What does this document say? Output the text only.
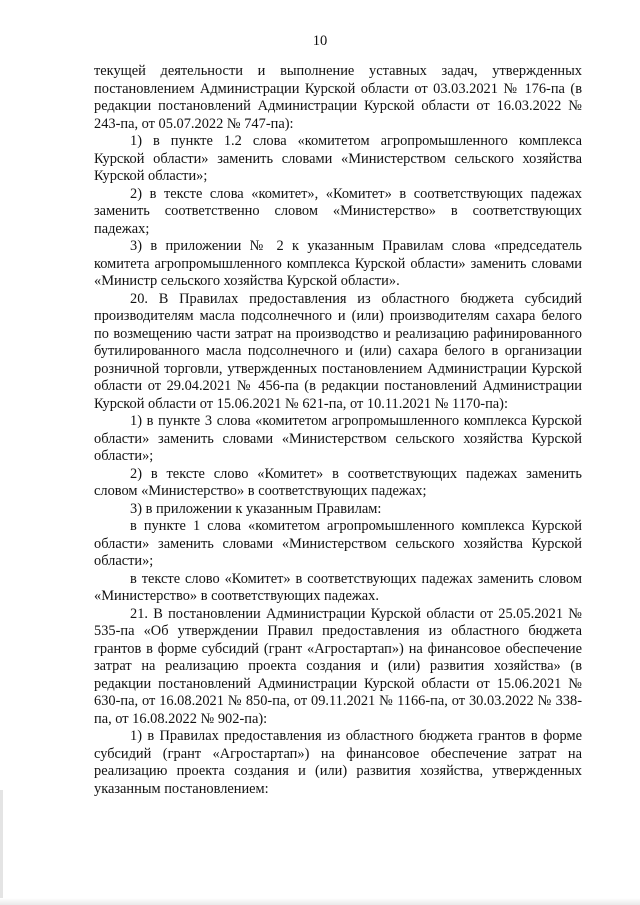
10

текущей деятельности и выполнение уставных задач, утвержденных постановлением Администрации Курской области от 03.03.2021 № 176-па (в редакции постановлений Администрации Курской области от 16.03.2022 № 243-па, от 05.07.2022 № 747-па):

1) в пункте 1.2 слова «комитетом агропромышленного комплекса Курской области» заменить словами «Министерством сельского хозяйства Курской области»;

2) в тексте слова «комитет», «Комитет» в соответствующих падежах заменить соответственно словом «Министерство» в соответствующих падежах;

3) в приложении № 2 к указанным Правилам слова «председатель комитета агропромышленного комплекса Курской области» заменить словами «Министр сельского хозяйства Курской области».

20. В Правилах предоставления из областного бюджета субсидий производителям масла подсолнечного и (или) производителям сахара белого по возмещению части затрат на производство и реализацию рафинированного бутилированного масла подсолнечного и (или) сахара белого в организации розничной торговли, утвержденных постановлением Администрации Курской области от 29.04.2021 № 456-па (в редакции постановлений Администрации Курской области от 15.06.2021 № 621-па, от 10.11.2021 № 1170-па):

1) в пункте 3 слова «комитетом агропромышленного комплекса Курской области» заменить словами «Министерством сельского хозяйства Курской области»;

2) в тексте слово «Комитет» в соответствующих падежах заменить словом «Министерство» в соответствующих падежах;

3) в приложении к указанным Правилам:

в пункте 1 слова «комитетом агропромышленного комплекса Курской области» заменить словами «Министерством сельского хозяйства Курской области»;

в тексте слово «Комитет» в соответствующих падежах заменить словом «Министерство» в соответствующих падежах.

21. В постановлении Администрации Курской области от 25.05.2021 № 535-па «Об утверждении Правил предоставления из областного бюджета грантов в форме субсидий (грант «Агростартап») на финансовое обеспечение затрат на реализацию проекта создания и (или) развития хозяйства» (в редакции постановлений Администрации Курской области от 15.06.2021 № 630-па, от 16.08.2021 № 850-па, от 09.11.2021 № 1166-па, от 30.03.2022 № 338-па, от 16.08.2022 № 902-па):

1) в Правилах предоставления из областного бюджета грантов в форме субсидий (грант «Агростартап») на финансовое обеспечение затрат на реализацию проекта создания и (или) развития хозяйства, утвержденных указанным постановлением:
